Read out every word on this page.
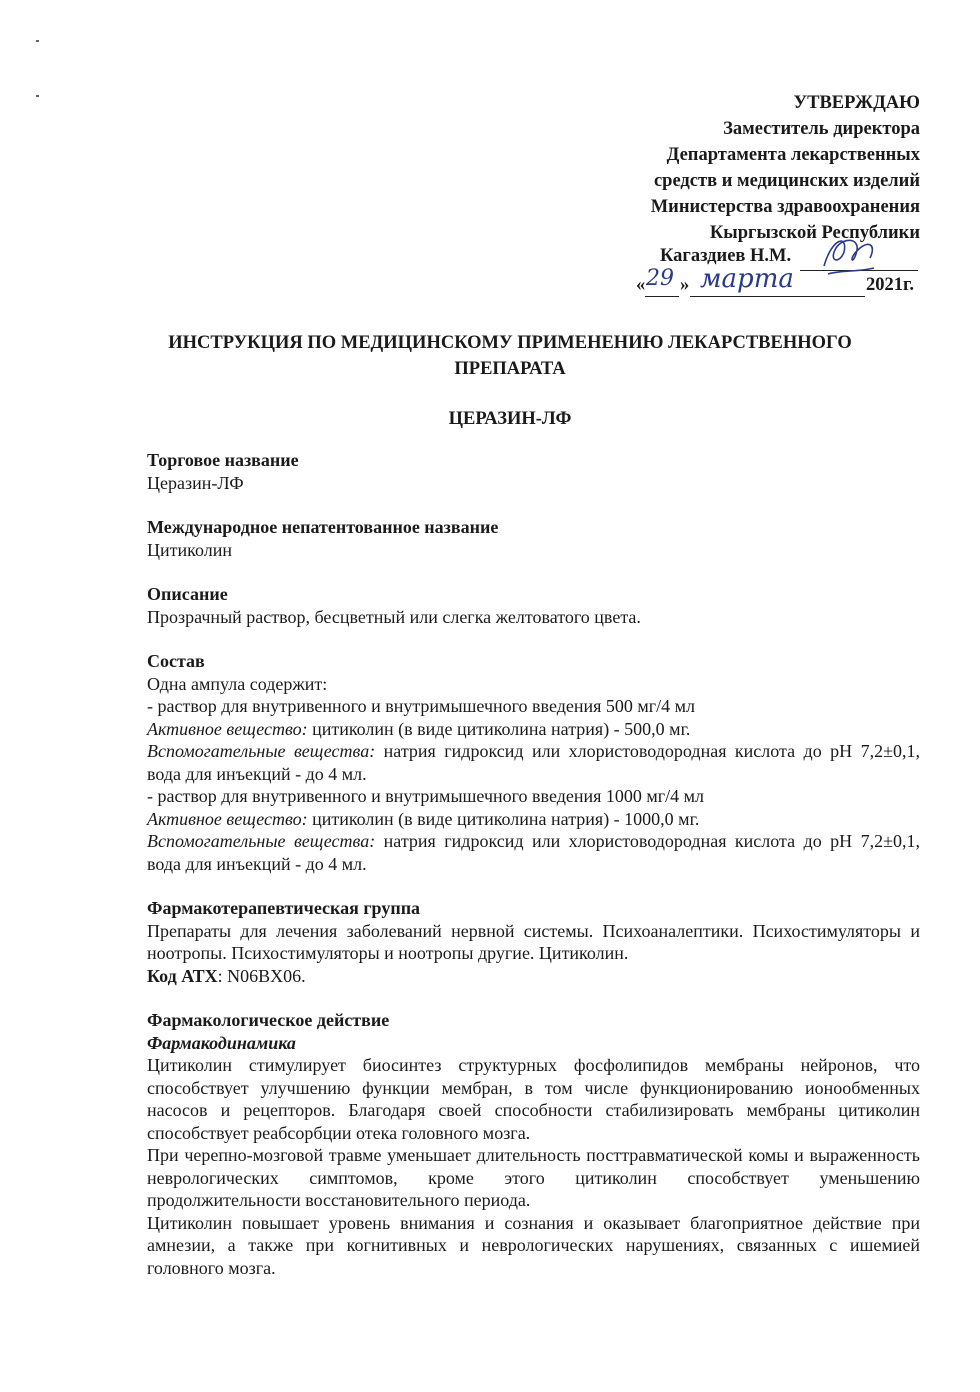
УТВЕРЖДАЮ
Заместитель директора
Департамента лекарственных
средств и медицинских изделий
Министерства здравоохранения
Кыргызской Республики
Кагаздиев Н.М.
« 29 » марта	2021г.
ИНСТРУКЦИЯ ПО МЕДИЦИНСКОМУ ПРИМЕНЕНИЮ ЛЕКАРСТВЕННОГО
ПРЕПАРАТА
ЦЕРАЗИН-ЛФ
Торговое название
Церазин-ЛФ
Международное непатентованное название
Цитиколин
Описание
Прозрачный раствор, бесцветный или слегка желтоватого цвета.
Состав
Одна ампула содержит:
- раствор для внутривенного и внутримышечного введения 500 мг/4 мл
Активное вещество: цитиколин (в виде цитиколина натрия) - 500,0 мг.
Вспомогательные вещества: натрия гидроксид или хлористоводородная кислота до pH 7,2±0,1, вода для инъекций - до 4 мл.
- раствор для внутривенного и внутримышечного введения 1000 мг/4 мл
Активное вещество: цитиколин (в виде цитиколина натрия) - 1000,0 мг.
Вспомогательные вещества: натрия гидроксид или хлористоводородная кислота до pH 7,2±0,1, вода для инъекций - до 4 мл.
Фармакотерапевтическая группа
Препараты для лечения заболеваний нервной системы. Психоаналептики. Психостимуляторы и ноотропы. Психостимуляторы и ноотропы другие. Цитиколин.
Код АТХ: N06BX06.
Фармакологическое действие
Фармакодинамика

Цитиколин стимулирует биосинтез структурных фосфолипидов мембраны нейронов, что способствует улучшению функции мембран, в том числе функционированию ионообменных насосов и рецепторов. Благодаря своей способности стабилизировать мембраны цитиколин способствует реабсорбции отека головного мозга.

При черепно-мозговой травме уменьшает длительность посттравматической комы и выраженность неврологических симптомов, кроме этого цитиколин способствует уменьшению продолжительности восстановительного периода.

Цитиколин повышает уровень внимания и сознания и оказывает благоприятное действие при амнезии, а также при когнитивных и неврологических нарушениях, связанных с ишемией головного мозга.
